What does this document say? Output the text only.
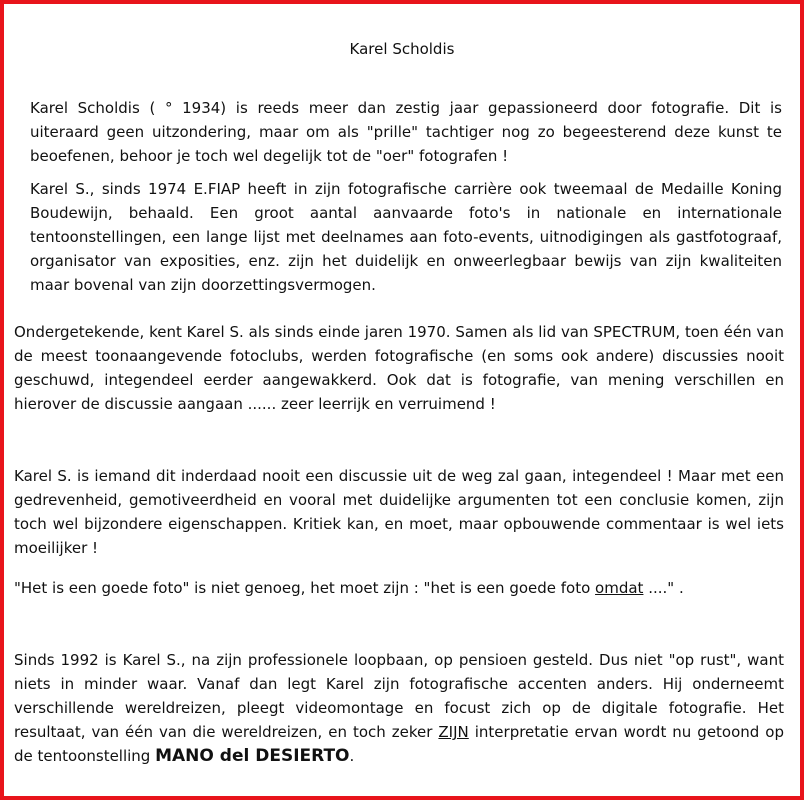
Karel Scholdis

Karel Scholdis ( ° 1934) is reeds meer dan zestig jaar gepassioneerd door fotografie. Dit is uiteraard geen uitzondering, maar om als "prille" tachtiger nog zo begeesterend deze kunst te beoefenen, behoor je toch wel degelijk tot de "oer" fotografen !

Karel S., sinds 1974 E.FIAP heeft in zijn fotografische carrière ook tweemaal de Medaille Koning Boudewijn, behaald. Een groot aantal aanvaarde foto's in nationale en internationale tentoonstellingen, een lange lijst met deelnames aan foto-events, uitnodigingen als gastfotograaf, organisator van exposities, enz. zijn het duidelijk en onweerlegbaar bewijs van zijn kwaliteiten maar bovenal van zijn doorzettingsvermogen.

Ondergetekende, kent Karel S. als sinds einde jaren 1970. Samen als lid van SPECTRUM, toen één van de meest toonaangevende fotoclubs, werden fotografische (en soms ook andere) discussies nooit geschuwd, integendeel eerder aangewakkerd. Ook dat is fotografie, van mening verschillen en hierover de discussie aangaan ...... zeer leerrijk en verruimend !

Karel S. is iemand dit inderdaad nooit een discussie uit de weg zal gaan, integendeel ! Maar met een gedrevenheid, gemotiveerdheid en vooral met duidelijke argumenten tot een conclusie komen, zijn toch wel bijzondere eigenschappen. Kritiek kan, en moet, maar opbouwende commentaar is wel iets moeilijker !

"Het is een goede foto" is niet genoeg, het moet zijn : "het is een goede foto omdat ...." .

Sinds 1992 is Karel S., na zijn professionele loopbaan, op pensioen gesteld. Dus niet "op rust", want niets in minder waar. Vanaf dan legt Karel zijn fotografische accenten anders. Hij onderneemt verschillende wereldreizen, pleegt videomontage en focust zich op de digitale fotografie. Het resultaat, van één van die wereldreizen, en toch zeker ZIJN interpretatie ervan wordt nu getoond op de tentoonstelling MANO del DESIERTO.
